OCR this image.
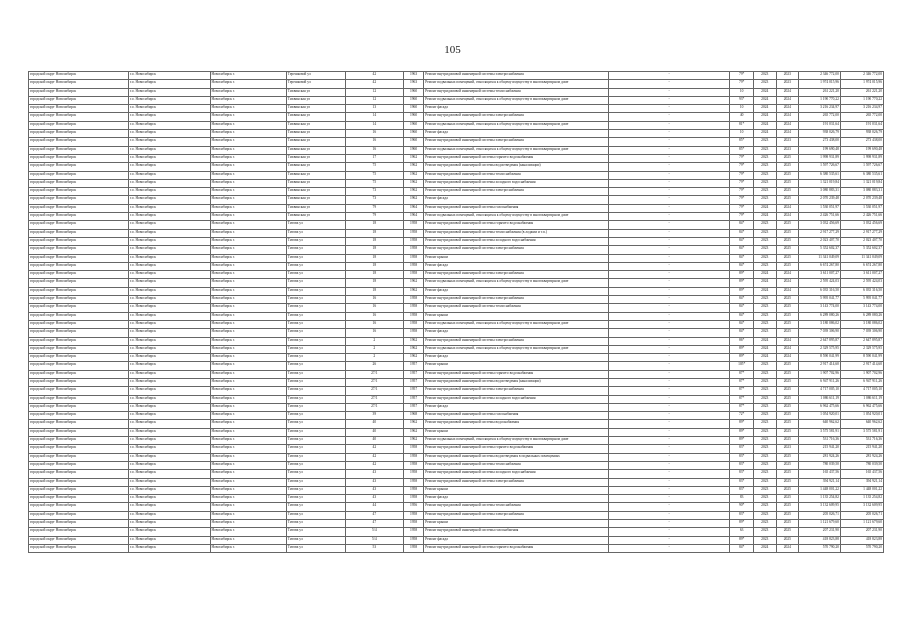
105
городской округ Новосибирск	г.о. Новосибирск	Новосибирск г.	Терешковой ул	42	1963	Ремонт внутридомовой инженерной системы электроснабжения	-	79*	2023	2023	2 346 772,00	2 346 772,00
городской округ Новосибирск	г.о. Новосибирск	Новосибирск г.	Терешковой ул	42	1963	Ремонт подвальных помещений, относящихся к общему имуществу в многоквартирном доме	-	79*	2023	2023	1 974 015,96	1 974 015,96
городской округ Новосибирск	г.о. Новосибирск	Новосибирск г.	Тихвинская ул	12	1960	Ремонт внутридомовой инженерной системы теплоснабжения	-	10	2024	2024	261 221,20	261 221,20
городской округ Новосибирск	г.о. Новосибирск	Новосибирск г.	Тихвинская ул	12	1960	Ремонт подвальных помещений, относящихся к общему имуществу в многоквартирном доме	-	93*	2024	2024	1 190 770,22	1 190 770,22
городской округ Новосибирск	г.о. Новосибирск	Новосибирск г.	Тихвинская ул	13	1960	Ремонт фасада	-	10	2024	2024	3 216 234,97	3 216 234,97
городской округ Новосибирск	г.о. Новосибирск	Новосибирск г.	Тихвинская ул	14	1960	Ремонт внутридомовой инженерной системы электроснабжения	-	40	2024	2024	265 772,00	265 772,00
городской округ Новосибирск	г.о. Новосибирск	Новосибирск г.	Тихвинская ул	14	1960	Ремонт подвальных помещений, относящихся к общему имуществу в многоквартирном доме	-	81*	2024	2024	191 031,64	191 031,64
городской округ Новосибирск	г.о. Новосибирск	Новосибирск г.	Тихвинская ул	16	1960	Ремонт фасада	-	10	2024	2024	938 026,79	938 026,79
городской округ Новосибирск	г.о. Новосибирск	Новосибирск г.	Тихвинская ул	16	1960	Ремонт внутридомовой инженерной системы электроснабжения	-	85*	2023	2023	273 438,00	273 438,00
городской округ Новосибирск	г.о. Новосибирск	Новосибирск г.	Тихвинская ул	16	1960	Ремонт подвальных помещений, относящихся к общему имуществу в многоквартирном доме	-	85*	2023	2023	199 690,48	199 690,48
городской округ Новосибирск	г.о. Новосибирск	Новосибирск г.	Тихвинская ул	17	1962	Ремонт внутридомовой инженерной системы горячего водоснабжения	-	79*	2023	2025	1 998 931,89	1 998 931,89
городской округ Новосибирск	г.о. Новосибирск	Новосибирск г.	Тихвинская ул	75	1962	Ремонт внутридомовой инженерной системы водоотведения (канализации)	-	79*	2023	2025	1 597 726,67	1 597 726,67
городской округ Новосибирск	г.о. Новосибирск	Новосибирск г.	Тихвинская ул	75	1962	Ремонт внутридомовой инженерной системы теплоснабжения	-	79*	2023	2025	6 380 535,61	6 380 535,61
городской округ Новосибирск	г.о. Новосибирск	Новосибирск г.	Тихвинская ул	75	1962	Ремонт внутридомовой инженерной системы холодного водоснабжения	-	79*	2023	2025	1 321 019,84	1 321 019,84
городской округ Новосибирск	г.о. Новосибирск	Новосибирск г.	Тихвинская ул	73	1962	Ремонт внутридомовой инженерной системы электроснабжения	-	79*	2023	2025	3 080 883,31	3 080 883,31
городской округ Новосибирск	г.о. Новосибирск	Новосибирск г.	Тихвинская ул	73	1962	Ремонт фасада	-	79*	2023	2025	2 070 239,48	2 070 239,48
городской округ Новосибирск	г.о. Новосибирск	Новосибирск г.	Тихвинская ул	79	1964	Ремонт внутридомовой инженерной системы газоснабжения	-	79*	2024	2024	1 530 051,97	1 530 051,97
городской округ Новосибирск	г.о. Новосибирск	Новосибирск г.	Тихвинская ул	79	1964	Ремонт подвальных помещений, относящихся к общему имуществу в многоквартирном доме	-	79*	2024	2024	2 426 751,66	2 426 751,66
городской округ Новосибирск	г.о. Новосибирск	Новосибирск г.	Титова ул	18	1958	Ремонт внутридомовой инженерной системы горячего водоснабжения	-	84*	2023	2025	3 032 456,69	3 032 456,69
городской округ Новосибирск	г.о. Новосибирск	Новосибирск г.	Титова ул	18	1958	Ремонт внутридомовой инженерной системы теплоснабжения (в лоджии и т.п.)	-	84*	2023	2025	2 917 277,29	2 917 277,29
городской округ Новосибирск	г.о. Новосибирск	Новосибирск г.	Титова ул	18	1958	Ремонт внутридомовой инженерной системы холодного водоснабжения	-	84*	2023	2025	2 023 407,70	2 023 407,70
городской округ Новосибирск	г.о. Новосибирск	Новосибирск г.	Титова ул	18	1958	Ремонт внутридомовой инженерной системы электроснабжения	-	84*	2023	2025	5 352 602,37	5 352 602,37
городской округ Новосибирск	г.о. Новосибирск	Новосибирск г.	Титова ул	18	1958	Ремонт крыши	-	84*	2023	2025	11 341 049,09	11 341 049,09
городской округ Новосибирск	г.о. Новосибирск	Новосибирск г.	Титова ул	18	1958	Ремонт фасада	-	84*	2023	2025	6 674 267,80	6 674 267,80
городской округ Новосибирск	г.о. Новосибирск	Новосибирск г.	Титова ул	18	1958	Ремонт внутридомовой инженерной системы электроснабжения	-	89*	2024	2024	3 611 007,27	3 611 007,27
городской округ Новосибирск	г.о. Новосибирск	Новосибирск г.	Титова ул	18	1962	Ремонт подвальных помещений, относящихся к общему имуществу в многоквартирном доме	-	89*	2024	2024	2 595 424,03	2 595 424,03
городской округ Новосибирск	г.о. Новосибирск	Новосибирск г.	Титова ул	18	1962	Ремонт фасада	-	89*	2024	2024	6 035 316,50	6 035 316,50
городской округ Новосибирск	г.о. Новосибирск	Новосибирск г.	Титова ул	16	1958	Ремонт внутридомовой инженерной системы электроснабжения	-	84*	2023	2025	5 995 041,77	5 995 041,77
городской округ Новосибирск	г.о. Новосибирск	Новосибирск г.	Титова ул	16	1958	Ремонт внутридомовой инженерной системы теплоснабжения	-	84*	2023	2025	3 143 774,00	3 143 774,00
городской округ Новосибирск	г.о. Новосибирск	Новосибирск г.	Титова ул	16	1958	Ремонт крыши	-	84*	2023	2025	6 289 080,26	6 289 080,26
городской округ Новосибирск	г.о. Новосибирск	Новосибирск г.	Титова ул	16	1958	Ремонт подвальных помещений, относящихся к общему имуществу в многоквартирном доме	-	84*	2023	2025	3 180 086,02	3 180 086,02
городской округ Новосибирск	г.о. Новосибирск	Новосибирск г.	Титова ул	16	1958	Ремонт фасада	-	84*	2023	2025	7 039 306,90	7 039 306,90
городской округ Новосибирск	г.о. Новосибирск	Новосибирск г.	Титова ул	2	1962	Ремонт внутридомовой инженерной системы электроснабжения	-	86*	2024	2024	2 647 895,87	2 647 895,87
городской округ Новосибирск	г.о. Новосибирск	Новосибирск г.	Титова ул	2	1962	Ремонт подвальных помещений, относящихся к общему имуществу в многоквартирном доме	-	89*	2024	2024	2 329 575,95	2 329 575,95
городской округ Новосибирск	г.о. Новосибирск	Новосибирск г.	Титова ул	2	1962	Ремонт фасада	-	89*	2024	2024	8 590 041,99	8 590 041,99
городской округ Новосибирск	г.о. Новосибирск	Новосибирск г.	Титова ул	26	1957	Ремонт крыши	-	105*	2023	2025	2 917 414,60	2 917 414,60
городской округ Новосибирск	г.о. Новосибирск	Новосибирск г.	Титова ул	27/1	1957	Ремонт внутридомовой инженерной системы горячего водоснабжения	-	87*	2023	2025	1 907 702,96	1 907 702,96
городской округ Новосибирск	г.о. Новосибирск	Новосибирск г.	Титова ул	27/1	1957	Ремонт внутридомовой инженерной системы водоотведения (канализации)	-	87*	2023	2025	6 947 911,26	6 947 911,26
городской округ Новосибирск	г.о. Новосибирск	Новосибирск г.	Титова ул	27/1	1957	Ремонт внутридомовой инженерной системы электроснабжения	-	87*	2023	2025	4 717 005,10	4 717 005,10
городской округ Новосибирск	г.о. Новосибирск	Новосибирск г.	Титова ул	27/1	1957	Ремонт внутридомовой инженерной системы холодного водоснабжения	-	87*	2023	2025	1 086 611,19	1 086 611,19
городской округ Новосибирск	г.о. Новосибирск	Новосибирск г.	Титова ул	27/1	1957	Ремонт фасада	-	87*	2023	2025	6 962 475,66	6 962 475,66
городской округ Новосибирск	г.о. Новосибирск	Новосибирск г.	Титова ул	39	1968	Ремонт внутридомовой инженерной системы газоснабжения	-	72*	2023	2025	1 054 920,01	1 054 920,01
городской округ Новосибирск	г.о. Новосибирск	Новосибирск г.	Титова ул	40	1962	Ремонт внутридомовой инженерной системы водоснабжения	-	89*	2023	2025	640 962,62	640 962,62
городской округ Новосибирск	г.о. Новосибирск	Новосибирск г.	Титова ул	40	1962	Ремонт крыши	-	89*	2023	2025	3 575 581,91	3 575 581,91
городской округ Новосибирск	г.о. Новосибирск	Новосибирск г.	Титова ул	40	1962	Ремонт подвальных помещений, относящихся к общему имуществу в многоквартирном доме	-	89*	2023	2025	531 716,36	531 716,36
городской округ Новосибирск	г.о. Новосибирск	Новосибирск г.	Титова ул	42	1958	Ремонт внутридомовой инженерной системы горячего водоснабжения	-	83*	2023	2023	215 941,20	215 941,20
городской округ Новосибирск	г.о. Новосибирск	Новосибирск г.	Титова ул	42	1958	Ремонт внутридомовой инженерной системы водоотведения в подвальных помещениях	-	83*	2023	2025	281 924,26	281 924,26
городской округ Новосибирск	г.о. Новосибирск	Новосибирск г.	Титова ул	42	1958	Ремонт внутридомовой инженерной системы теплоснабжения	-	83*	2023	2025	780 039,50	780 039,50
городской округ Новосибирск	г.о. Новосибирск	Новосибирск г.	Титова ул	43	1958	Ремонт внутридомовой инженерной системы холодного водоснабжения	-	83*	2023	2025	165 437,56	165 437,56
городской округ Новосибирск	г.о. Новосибирск	Новосибирск г.	Титова ул	43	1958	Ремонт внутридомовой инженерной системы электроснабжения	-	83*	2023	2025	394 921,14	394 921,14
городской округ Новосибирск	г.о. Новосибирск	Новосибирск г.	Титова ул	43	1958	Ремонт крыши	-	83*	2023	2025	1 448 001,22	1 448 001,22
городской округ Новосибирск	г.о. Новосибирск	Новосибирск г.	Титова ул	43	1958	Ремонт фасада	-	83	2023	2025	1 135 254,82	1 135 254,82
городской округ Новосибирск	г.о. Новосибирск	Новосибирск г.	Титова ул	44	1956	Ремонт внутридомовой инженерной системы теплоснабжения	-	90*	2023	2025	3 132 609,95	3 132 609,95
городской округ Новосибирск	г.о. Новосибирск	Новосибирск г.	Титова ул	47	1958	Ремонт внутридомовой инженерной системы электроснабжения	-	83*	2023	2025	205 026,71	205 026,71
городской округ Новосибирск	г.о. Новосибирск	Новосибирск г.	Титова ул	47	1958	Ремонт крыши	-	89*	2023	2025	1 121 679,60	1 121 679,60
городской округ Новосибирск	г.о. Новосибирск	Новосибирск г.	Титова ул	5/4	1958	Ремонт внутридомовой инженерной системы газоснабжения	-	63	2023	2025	207 231,90	207 231,90
городской округ Новосибирск	г.о. Новосибирск	Новосибирск г.	Титова ул	5/4	1958	Ремонт фасада	-	89*	2023	2025	418 823,88	418 823,88
городской округ Новосибирск	г.о. Новосибирск	Новосибирск г.	Титова ул	53	1958	Ремонт внутридомовой инженерной системы горячего водоснабжения	-	84*	2024	2024	570 790,20	570 790,20
